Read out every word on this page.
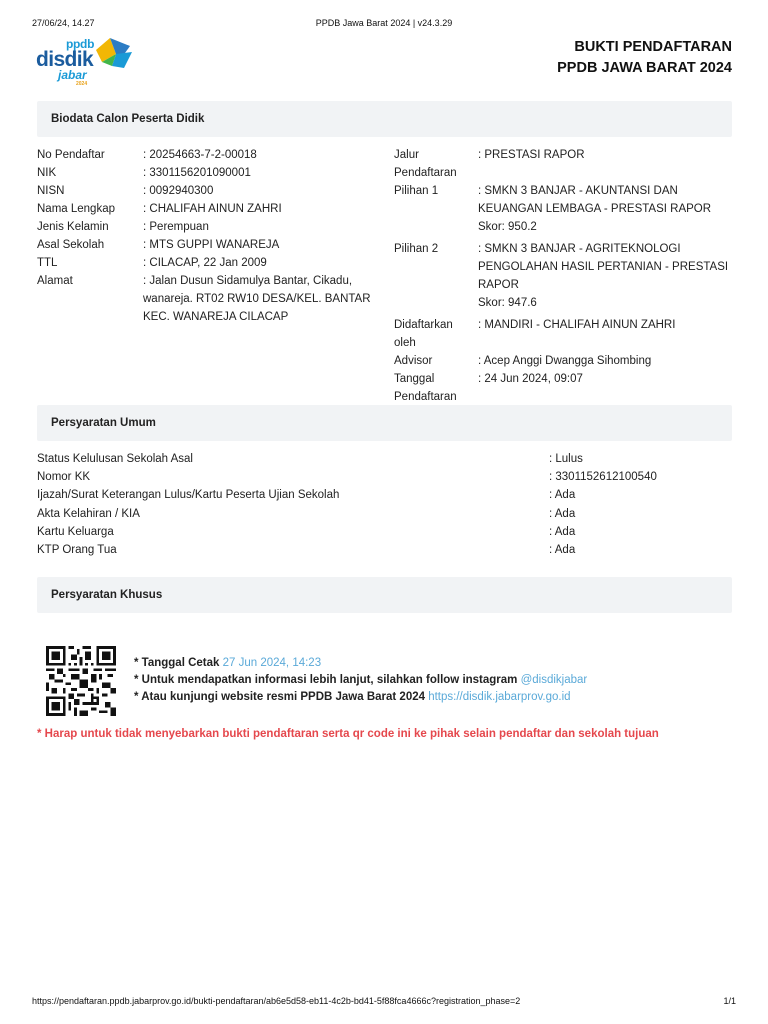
27/06/24, 14.27	PPDB Jawa Barat 2024 | v24.3.29
ppdb
disdik
jabar
2024
BUKTI PENDAFTARAN
PPDB JAWA BARAT 2024
Biodata Calon Peserta Didik
No Pendaftar	: 20254663-7-2-00018
NIK	: 3301156201090001
NISN	: 0092940300
Nama Lengkap	: CHALIFAH AINUN ZAHRI
Jenis Kelamin	: Perempuan
Asal Sekolah	: MTS GUPPI WANAREJA
TTL	: CILACAP, 22 Jan 2009
Alamat	: Jalan Dusun Sidamulya Bantar, Cikadu, wanareja. RT02 RW10 DESA/KEL. BANTAR KEC. WANAREJA CILACAP
Jalur Pendaftaran
: PRESTASI RAPOR
Pilihan 1	: SMKN 3 BANJAR - AKUNTANSI DAN KEUANGAN LEMBAGA - PRESTASI RAPOR
Skor: 950.2
Pilihan 2	: SMKN 3 BANJAR - AGRITEKNOLOGI PENGOLAHAN HASIL PERTANIAN - PRESTASI RAPOR
Skor: 947.6
Didaftarkan oleh
: MANDIRI - CHALIFAH AINUN ZAHRI
Advisor	: Acep Anggi Dwangga Sihombing
Tanggal Pendaftaran
: 24 Jun 2024, 09:07
Persyaratan Umum
Status Kelulusan Sekolah Asal	: Lulus
Nomor KK	: 3301152612100540
Ijazah/Surat Keterangan Lulus/Kartu Peserta Ujian Sekolah	: Ada
Akta Kelahiran / KIA	: Ada
Kartu Keluarga	: Ada
KTP Orang Tua	: Ada
Persyaratan Khusus
* Tanggal Cetak 27 Jun 2024, 14:23
* Untuk mendapatkan informasi lebih lanjut, silahkan follow instagram @disdikjabar
* Atau kunjungi website resmi PPDB Jawa Barat 2024 https://disdik.jabarprov.go.id
* Harap untuk tidak menyebarkan bukti pendaftaran serta qr code ini ke pihak selain pendaftar dan sekolah tujuan
https://pendaftaran.ppdb.jabarprov.go.id/bukti-pendaftaran/ab6e5d58-eb11-4c2b-bd41-5f88fca4666c?registration_phase=2	1/1
